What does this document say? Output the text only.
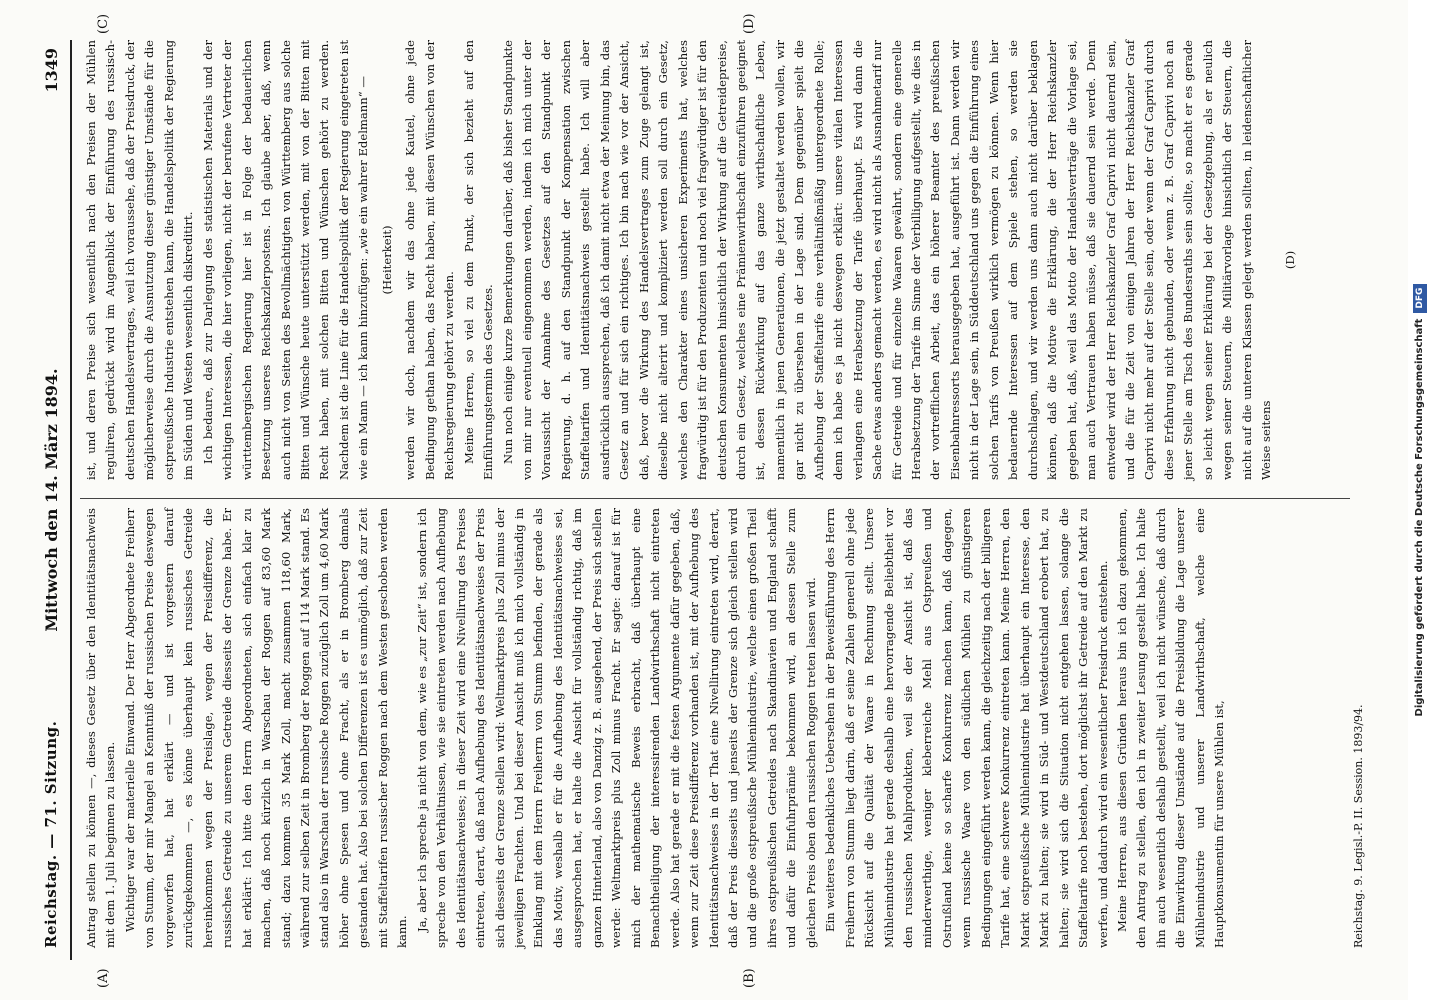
Reichstag. — 71. Sitzung.
Mittwoch den 14. März 1894.
1349
(A)	(B)
(C)	(D)

Antrag stellen zu können —, dieses Gesetz über den Identitätsnachweis mit dem 1. Juli beginnen zu lassen. Wichtiger war der materielle Einwand. Der Herr Abgeordnete Freiherr von Stumm, der mir Mangel an Kenntniß der russischen Preise deswegen vorgeworfen hat, hat erklärt — und ist vorgestern darauf zurückgekommen —, es könne überhaupt kein russisches Getreide hereinkommen wegen der Preislage, wegen der Preisdifferenz, die russisches Getreide zu unserem Getreide diesseits der Grenze habe. Er hat erklärt: Ich hitte den Herrn Abgeordneten, sich einfach klar zu machen, daß noch kürzlich in Warschau der Roggen auf 83,60 Mark stand; dazu kommen 35 Mark Zoll, macht zusammen 118,60 Mark, während zur selben Zeit in Bromberg der Roggen auf 114 Mark stand. Es stand also in Warschau der russische Roggen zuzüglich Zoll um 4,60 Mark höher ohne Spesen und ohne Fracht, als er in Bromberg damals gestanden hat. Also bei solchen Differenzen ist es unmöglich, daß zur Zeit mit Staffeltarifen russischer Roggen nach dem Westen geschoben werden kann. Ja, aber ich spreche ja nicht von dem, wie es „zur Zeit“ ist, sondern ich spreche von den Verhältnissen, wie sie eintreten werden nach Aufhebung des Identitätsnachweises; in dieser Zeit wird eine Nivellirung des Preises eintreten, derart, daß nach Aufhebung des Identitätsnachweises der Preis sich diesseits der Grenze stellen wird: Weltmarktpreis plus Zoll minus der jeweiligen Frachten. Und bei dieser Ansicht muß ich mich vollständig in Einklang mit dem Herrn Freiherrn von Stumm befinden, der gerade als das Motiv, weshalb er für die Aufhebung des Identitätsnachweises sei, ausgesprochen hat, er halte die Ansicht für vollständig richtig, daß im ganzen Hinterland, also von Danzig z. B. ausgehend, der Preis sich stellen werde: Weltmarktpreis plus Zoll minus Fracht. Er sagte: darauf ist für mich der mathematische Beweis erbracht, daß überhaupt eine Benachtheiligung der interessirenden Landwirthschaft nicht eintreten werde. Also hat gerade er mit die festen Argumente dafür gegeben, daß, wenn zur Zeit diese Preisdifferenz vorhanden ist, mit der Aufhebung des Identitätsnachweises in der That eine Nivellirung eintreten wird, derart, daß der Preis diesseits und jenseits der Grenze sich gleich stellen wird und die große ostpreußische Mühlenindustrie, welche einen großen Theil ihres ostpreußischen Getreides nach Skandinavien und England schafft und dafür die Einfuhrprämie bekommen wird, an dessen Stelle zum gleichen Preis oben den russischen Roggen treten lassen wird. Ein weiteres bedenkliches Uebersehen in der Beweisführung des Herrn Freiherrn von Stumm liegt darin, daß er seine Zahlen generell ohne jede Rücksicht auf die Qualität der Waare in Rechnung stellt. Unsere Mühlenindustrie hat gerade deshalb eine hervorragende Beliebtheit vor den russischen Mahlprodukten, weil sie der Ansicht ist, daß das minderwerthige, weniger kleberreiche Mehl aus Ostpreußen und Ostrußland keine so scharfe Konkurrenz machen kann, daß dagegen, wenn russische Waare von den südlichen Mühlen zu günstigeren Bedingungen eingeführt werden kann, die gleichzeitig nach der billigeren Tarife hat, eine schwere Konkurrenz eintreten kann. Meine Herren, den Markt ostpreußische Mühlenindustrie hat überhaupt ein Interesse, den Markt zu halten; sie wird in Süd- und Westdeutschland erobert hat, zu halten; sie wird sich die Situation nicht entgehen lassen, solange die Staffeltarife noch bestehen, dort möglichst ihr Getreide auf den Markt zu werfen, und dadurch wird ein wesentlicher Preisdruck entstehen. Meine Herren, aus diesen Gründen heraus bin ich dazu gekommen, den Antrag zu stellen, den ich in zweiter Lesung gestellt habe. Ich halte ihn auch wesentlich deshalb gestellt, weil ich nicht wünsche, daß durch die Einwirkung dieser Umstände auf die Preisbildung die Lage unserer Mühlenindustrie und unserer Landwirthschaft, welche eine Hauptkonsumentin für unsere Mühlen ist,

ist, und deren Preise sich wesentlich nach den Preisen der Mühlen reguliren, gedrückt wird im Augenblick der Einführung des russisch-deutschen Handelsvertrages, weil ich voraussehe, daß der Preisdruck, der möglicherweise durch die Ausnutzung dieser günstiger Umstände für die ostpreußische Industrie entstehen kann, die Handelspolitik der Regierung im Süden und Westen wesentlich diskreditirt. Ich bedaure, daß zur Darlegung des statistischen Materials und der wichtigen Interessen, die hier vorliegen, nicht der berufene Vertreter der württembergischen Regierung hier ist in Folge der bedauerlichen Besetzung unseres Reichskanzlerpostens. Ich glaube aber, daß, wenn auch nicht von Seiten des Bevollmächtigten von Württemberg aus solche Bitten und Wünsche heute unterstützt werden, mit von der Bitten mit Recht haben, mit solchen Bitten und Wünschen gehört zu werden. Nachdem ist die Linie für die Handelspolitik der Regierung eingetreten ist wie ein Mann — ich kann hinzufügen: „wie ein wahrer Edelmann“ — (Heiterkeit) werden wir doch, nachdem wir das ohne jede Kautel, ohne jede Bedingung gethan haben, das Recht haben, mit diesen Wünschen von der Reichsregierung gehört zu werden. Meine Herren, so viel zu dem Punkt, der sich bezieht auf den Einführungstermin des Gesetzes. Nun noch einige kurze Bemerkungen darüber, daß bisher Standpunkte von mir nur eventuell eingenommen werden, indem ich mich unter der Voraussicht der Annahme des Gesetzes auf den Standpunkt der Regierung, d. h. auf den Standpunkt der Kompensation zwischen Staffeltarifen und Identitätsnachweis gestellt habe. Ich will aber ausdrücklich aussprechen, daß ich damit nicht etwa der Meinung bin, das Gesetz an und für sich ein richtiges. Ich bin nach wie vor der Ansicht, daß, bevor die Wirkung des Handelsvertrages zum Zuge gelangt ist, dieselbe nicht alterirt und kompliziert werden soll durch ein Gesetz, welches den Charakter eines unsicheren Experiments hat, welches fragwürdig ist für den Produzenten und noch viel fragwürdiger ist für den deutschen Konsumenten hinsichtlich der Wirkung auf die Getreidepreise, durch ein Gesetz, welches eine Prämienwirthschaft einzuführen geeignet ist, dessen Rückwirkung auf das ganze wirthschaftliche Leben, namentlich in jenen Generationen, die jetzt gestaltet werden wollen, wir gar nicht zu übersehen in der Lage sind. Dem gegenüber spielt die Aufhebung der Staffeltarife eine verhältnißmäßig untergeordnete Rolle; denn ich habe es ja nicht deswegen erklärt: unsere vitalen Interessen verlangen eine Herabsetzung der Tarife überhaupt. Es wird dann die Sache etwas anders gemacht werden, es wird nicht als Ausnahmetarif nur für Getreide und für einzelne Waaren gewährt, sondern eine generelle Herabsetzung der Tarife im Sinne der Verbilligung aufgestellt, wie dies in der vortrefflichen Arbeit, das ein höherer Beamter des preußischen Eisenbahnressorts herausgegeben hat, ausgeführt ist. Dann werden wir nicht in der Lage sein, in Süddeutschland uns gegen die Einführung eines solchen Tarifs von Preußen wirklich vermögen zu können. Wenn hier bedauernde Interessen auf dem Spiele stehen, so werden sie durchschlagen, und wir werden uns dann auch nicht darüber beklagen können, daß die Motive die Erklärung, die der Herr Reichskanzler gegeben hat, daß, weil das Motto der Handelsverträge die Vorlage sei, man auch Vertrauen haben müsse, daß sie dauernd sein werde. Denn entweder wird der Herr Reichskanzler Graf Caprivi nicht dauernd sein, und die für die Zeit von einigen Jahren der Herr Reichskanzler Graf Caprivi nicht mehr auf der Stelle sein, oder wenn der Graf Caprivi durch diese Erfahrung nicht gebunden, oder wenn z. B. Graf Caprivi noch an jener Stelle am Tisch des Bundesraths sein sollte, so macht er es gerade so leicht wegen seiner Erklärung bei der Gesetzgebung, als er neulich wegen seiner Steuern, die Militärvorlage hinsichtlich der Steuern, die nicht auf die unteren Klassen gelegt werden sollten, in leidenschaftlicher Weise seitens

(D)

Reichstag. 9. Legisl.-P. II. Session. 1893/94.
Digitalisierung gefördert durch die Deutsche ForschungsgemeinschaftDFG
